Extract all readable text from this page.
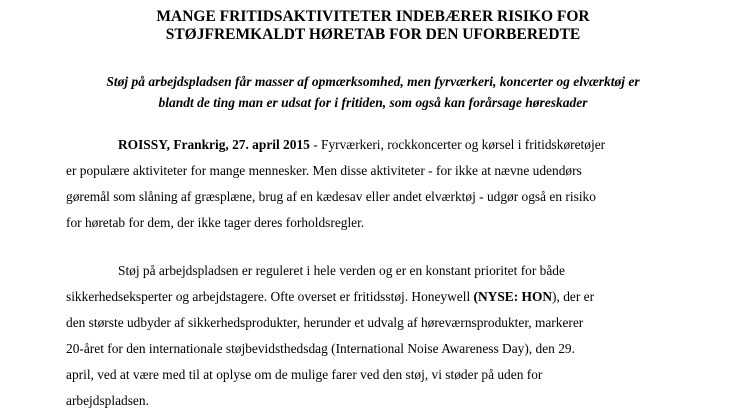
MANGE FRITIDSAKTIVITETER INDEBÆRER RISIKO FOR
STØJFREMKALDT HØRETAB FOR DEN UFORBEREDTE

Støj på arbejdspladsen får masser af opmærksomhed, men fyrværkeri, koncerter og elværktøj er

blandt de ting man er udsat for i fritiden, som også kan forårsage høreskader

ROISSY, Frankrig, 27. april 2015 - Fyrværkeri, rockkoncerter og kørsel i fritidskøretøjer

er populære aktiviteter for mange mennesker. Men disse aktiviteter - for ikke at nævne udendørs

gøremål som slåning af græsplæne, brug af en kædesav eller andet elværktøj - udgør også en risiko

for høretab for dem, der ikke tager deres forholdsregler.

Støj på arbejdspladsen er reguleret i hele verden og er en konstant prioritet for både

sikkerhedseksperter og arbejdstagere. Ofte overset er fritidsstøj. Honeywell (NYSE: HON), der er

den største udbyder af sikkerhedsprodukter, herunder et udvalg af høreværnsprodukter, markerer

20-året for den internationale støjbevidsthedsdag (International Noise Awareness Day), den 29.

april, ved at være med til at oplyse om de mulige farer ved den støj, vi støder på uden for

arbejdspladsen.
